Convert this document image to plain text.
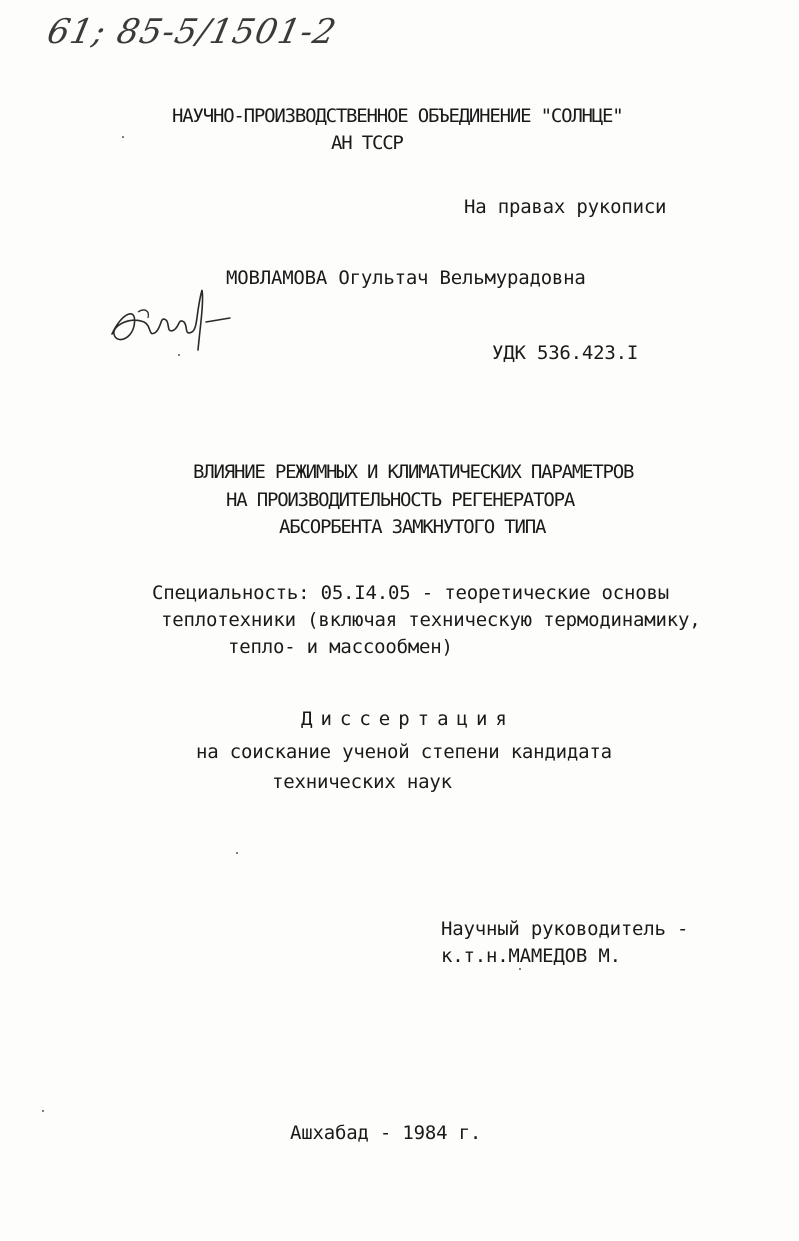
61; 85-5/1501-2
НАУЧНО-ПРОИЗВОДСТВЕННОЕ ОБЪЕДИНЕНИЕ "СОЛНЦЕ"
АН ТССР
На правах рукописи
МОВЛАМОВА Огультач Вельмурадовна
УДК 536.423.I
ВЛИЯНИЕ РЕЖИМНЫХ И КЛИМАТИЧЕСКИХ ПАРАМЕТРОВ
НА ПРОИЗВОДИТЕЛЬНОСТЬ РЕГЕНЕРАТОРА
АБСОРБЕНТА ЗАМКНУТОГО ТИПА
Специальность: 05.I4.05 - теоретические основы
теплотехники (включая техническую термодинамику,
тепло- и массообмен)
Диссертация
на соискание ученой степени кандидата
технических наук
Научный руководитель -
к.т.н.МАМЕДОВ М.
Ашхабад - 1984 г.
